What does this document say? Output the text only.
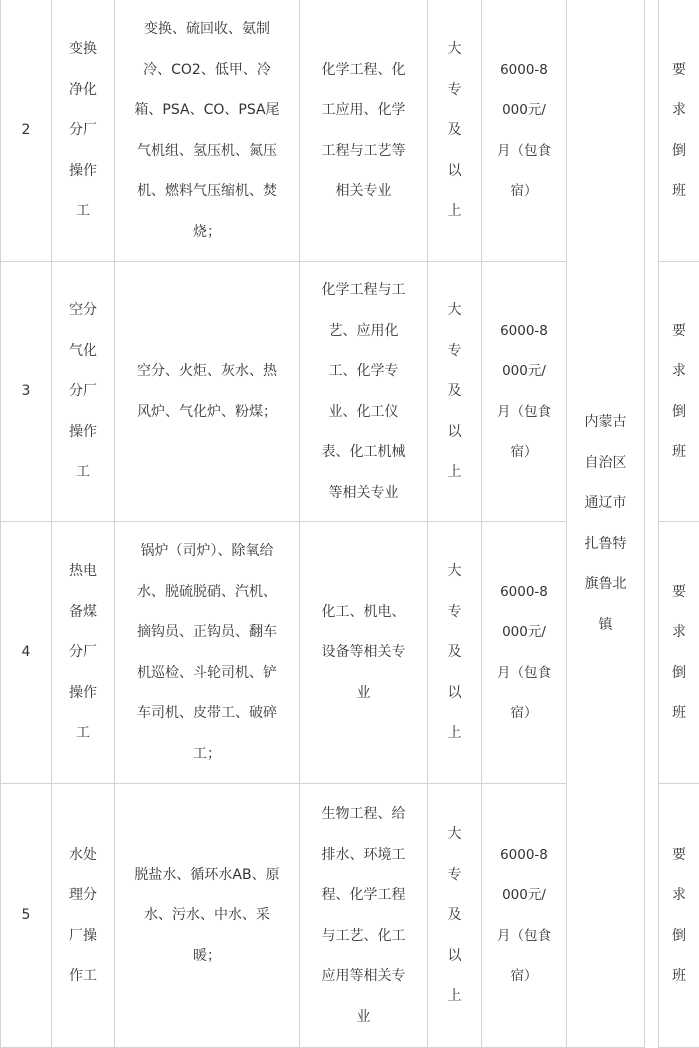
2	变换净化分厂操作工	变换、硫回收、氨制冷、CO2、低甲、冷箱、PSA、CO、PSA尾气机组、氢压机、氮压机、燃料气压缩机、焚烧；	化学工程、化工应用、化学工程与工艺等相关专业	大专及以上	6000-8000元/月（包食宿）	内蒙古自治区通辽市扎鲁特旗鲁北镇		要求倒班

3	空分气化分厂操作工	空分、火炬、灰水、热风炉、气化炉、粉煤；	化学工程与工艺、应用化工、化学专业、化工仪表、化工机械等相关专业	大专及以上	6000-8000元/月（包食宿）			要求倒班

4	热电备煤分厂操作工	锅炉（司炉）、除氧给水、脱硫脱硝、汽机、摘钩员、正钩员、翻车机巡检、斗轮司机、铲车司机、皮带工、破碎工；	化工、机电、设备等相关专业	大专及以上	6000-8000元/月（包食宿）			要求倒班

5	水处理分厂操作工	脱盐水、循环水AB、原水、污水、中水、采暖；	生物工程、给排水、环境工程、化学工程与工艺、化工应用等相关专业	大专及以上	6000-8000元/月（包食宿）			要求倒班
